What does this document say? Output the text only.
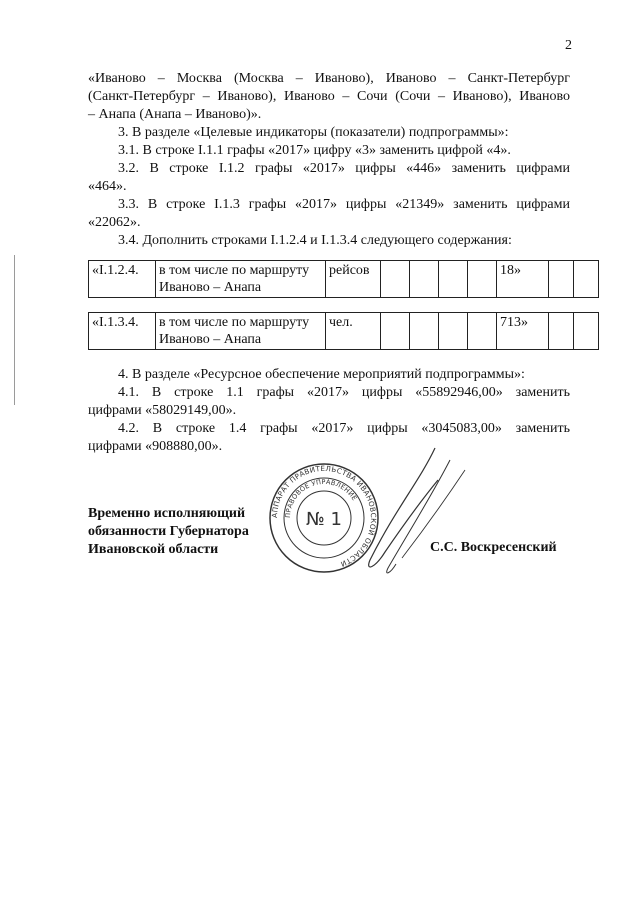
2
«Иваново – Москва (Москва – Иваново), Иваново – Санкт-Петербург
(Санкт-Петербург – Иваново), Иваново – Сочи (Сочи – Иваново), Иваново
– Анапа (Анапа – Иваново)».
3. В разделе «Целевые индикаторы (показатели) подпрограммы»:
3.1. В строке I.1.1 графы «2017» цифру «3» заменить цифрой «4».
3.2. В строке I.1.2 графы «2017» цифры «446» заменить цифрами
«464».
3.3. В строке I.1.3 графы «2017» цифры «21349» заменить цифрами
«22062».
3.4. Дополнить строками I.1.2.4 и I.1.3.4 следующего содержания:
«I.1.2.4.	в том числе по маршруту
Иваново – Анапа
	рейсов					18»		
«I.1.3.4.	в том числе по маршруту
Иваново – Анапа
	чел.					713»		
4. В разделе «Ресурсное обеспечение мероприятий подпрограммы»:
4.1. В строке 1.1 графы «2017» цифры «55892946,00» заменить
цифрами «58029149,00».
4.2. В строке 1.4 графы «2017» цифры «3045083,00» заменить
цифрами «908880,00».
Временно исполняющий
обязанности Губернатора
Ивановской области	С.С. Воскресенский
АППАРАТ ПРАВИТЕЛЬСТВА ИВАНОВСКОЙ ОБЛАСТИ
ПРАВОВОЕ УПРАВЛЕНИЕ
№ 1
